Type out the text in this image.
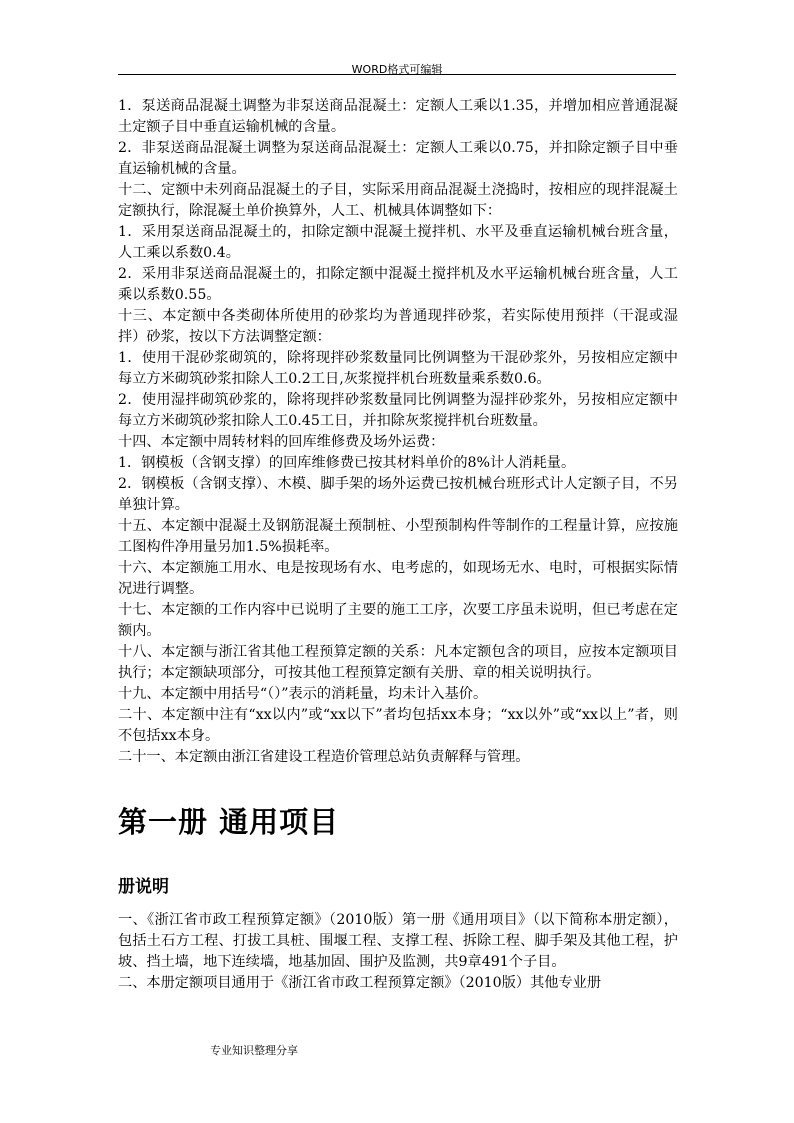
$_{WORD格式可编辑}$

1．泵送商品混凝土调整为非泵送商品混凝土：定额人工乘以1.35，并增加相应普通混凝土定额子目中垂直运输机械的含量。

2．非泵送商品混凝土调整为泵送商品混凝土：定额人工乘以0.75，并扣除定额子目中垂直运输机械的含量。

十二、定额中未列商品混凝土的子目，实际采用商品混凝土浇捣时，按相应的现拌混凝土定额执行，除混凝土单价换算外，人工、机械具体调整如下：

1．采用泵送商品混凝土的，扣除定额中混凝土搅拌机、水平及垂直运输机械台班含量，人工乘以系数0.4。

2．采用非泵送商品混凝土的，扣除定额中混凝土搅拌机及水平运输机械台班含量，人工乘以系数0.55。

十三、本定额中各类砌体所使用的砂浆均为普通现拌砂浆，若实际使用预拌（干混或湿拌）砂浆，按以下方法调整定额：

1．使用干混砂浆砌筑的，除将现拌砂浆数量同比例调整为干混砂浆外，另按相应定额中每立方米砌筑砂浆扣除人工0.2工日,灰浆搅拌机台班数量乘系数0.6。

2．使用湿拌砌筑砂浆的，除将现拌砂浆数量同比例调整为湿拌砂浆外，另按相应定额中每立方米砌筑砂浆扣除人工0.45工日，并扣除灰浆搅拌机台班数量。

十四、本定额中周转材料的回库维修费及场外运费：

1．钢模板（含钢支撑）的回库维修费已按其材料单价的8%计人消耗量。

2．钢模板（含钢支撑）、木模、脚手架的场外运费已按机械台班形式计人定额子目，不另单独计算。

十五、本定额中混凝土及钢筋混凝土预制桩、小型预制构件等制作的工程量计算，应按施工图构件净用量另加1.5%损耗率。

十六、本定额施工用水、电是按现场有水、电考虑的，如现场无水、电时，可根据实际情况进行调整。

十七、本定额的工作内容中已说明了主要的施工工序，次要工序虽未说明，但已考虑在定额内。

十八、本定额与浙江省其他工程预算定额的关系：凡本定额包含的项目，应按本定额项目执行；本定额缺项部分，可按其他工程预算定额有关册、章的相关说明执行。

十九、本定额中用括号“（）”表示的消耗量，均未计入基价。

二十、本定额中注有“xx以内”或“xx以下”者均包括xx本身；“xx以外”或“xx以上”者，则不包括xx本身。

二十一、本定额由浙江省建设工程造价管理总站负责解释与管理。

第一册 通用项目
册说明

一、《浙江省市政工程预算定额》（2010版）第一册《通用项目》（以下简称本册定额），包括土石方工程、打拔工具桩、围堰工程、支撑工程、拆除工程、脚手架及其他工程，护坡、挡土墙，地下连续墙，地基加固、围护及监测，共9章491个子目。

二、本册定额项目通用于《浙江省市政工程预算定额》（2010版）其他专业册

专业知识整理分享
